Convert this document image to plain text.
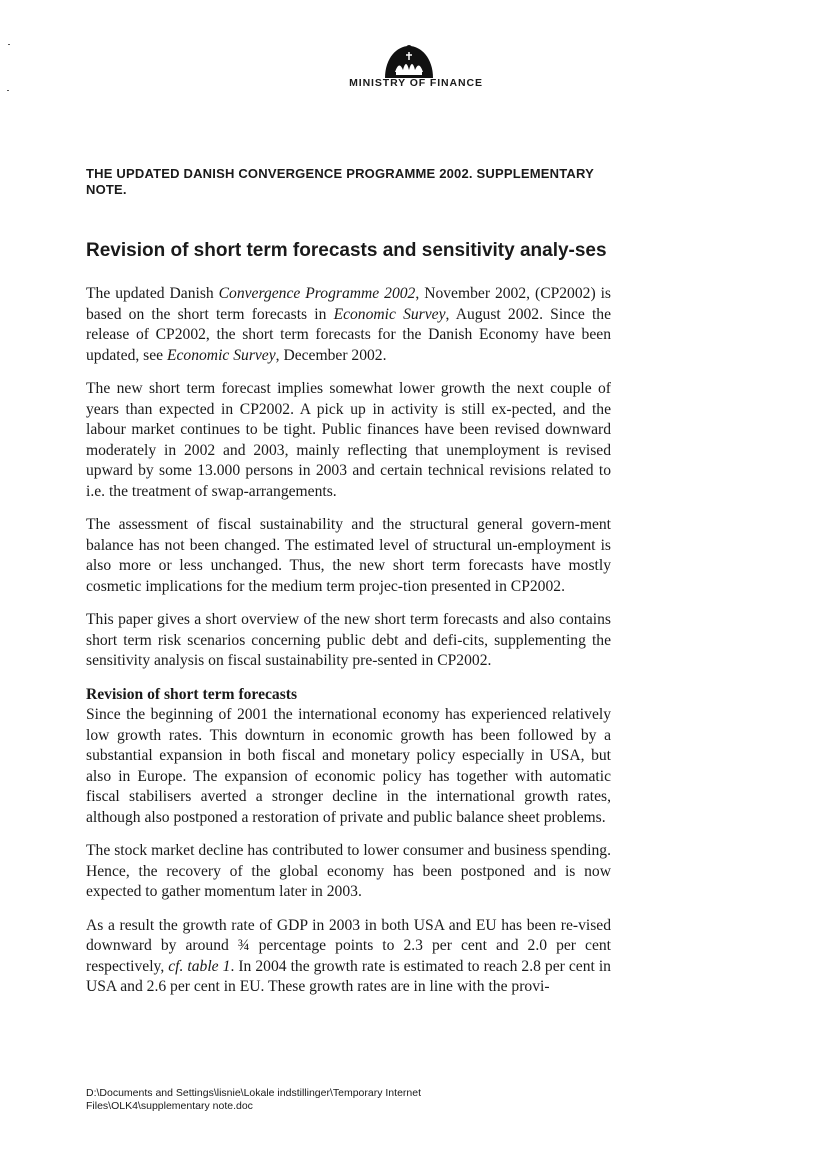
MINISTRY OF FINANCE
THE UPDATED DANISH CONVERGENCE PROGRAMME 2002. SUPPLEMENTARY NOTE.
Revision of short term forecasts and sensitivity analy-ses

The updated Danish Convergence Programme 2002, November 2002, (CP2002) is based on the short term forecasts in Economic Survey, August 2002. Since the release of CP2002, the short term forecasts for the Danish Economy have been updated, see Economic Survey, December 2002.

The new short term forecast implies somewhat lower growth the next couple of years than expected in CP2002. A pick up in activity is still ex-pected, and the labour market continues to be tight. Public finances have been revised downward moderately in 2002 and 2003, mainly reflecting that unemployment is revised upward by some 13.000 persons in 2003 and certain technical revisions related to i.e. the treatment of swap-arrangements.

The assessment of fiscal sustainability and the structural general govern-ment balance has not been changed. The estimated level of structural un-employment is also more or less unchanged. Thus, the new short term forecasts have mostly cosmetic implications for the medium term projec-tion presented in CP2002.

This paper gives a short overview of the new short term forecasts and also contains short term risk scenarios concerning public debt and defi-cits, supplementing the sensitivity analysis on fiscal sustainability pre-sented in CP2002.

Revision of short term forecasts

Since the beginning of 2001 the international economy has experienced relatively low growth rates. This downturn in economic growth has been followed by a substantial expansion in both fiscal and monetary policy especially in USA, but also in Europe. The expansion of economic policy has together with automatic fiscal stabilisers averted a stronger decline in the international growth rates, although also postponed a restoration of private and public balance sheet problems.

The stock market decline has contributed to lower consumer and business spending. Hence, the recovery of the global economy has been postponed and is now expected to gather momentum later in 2003.

As a result the growth rate of GDP in 2003 in both USA and EU has been re-vised downward by around ¾ percentage points to 2.3 per cent and 2.0 per cent respectively, cf. table 1. In 2004 the growth rate is estimated to reach 2.8 per cent in USA and 2.6 per cent in EU. These growth rates are in line with the provi-

D:\Documents and Settings\lisnie\Lokale indstillinger\Temporary Internet
Files\OLK4\supplementary note.doc
